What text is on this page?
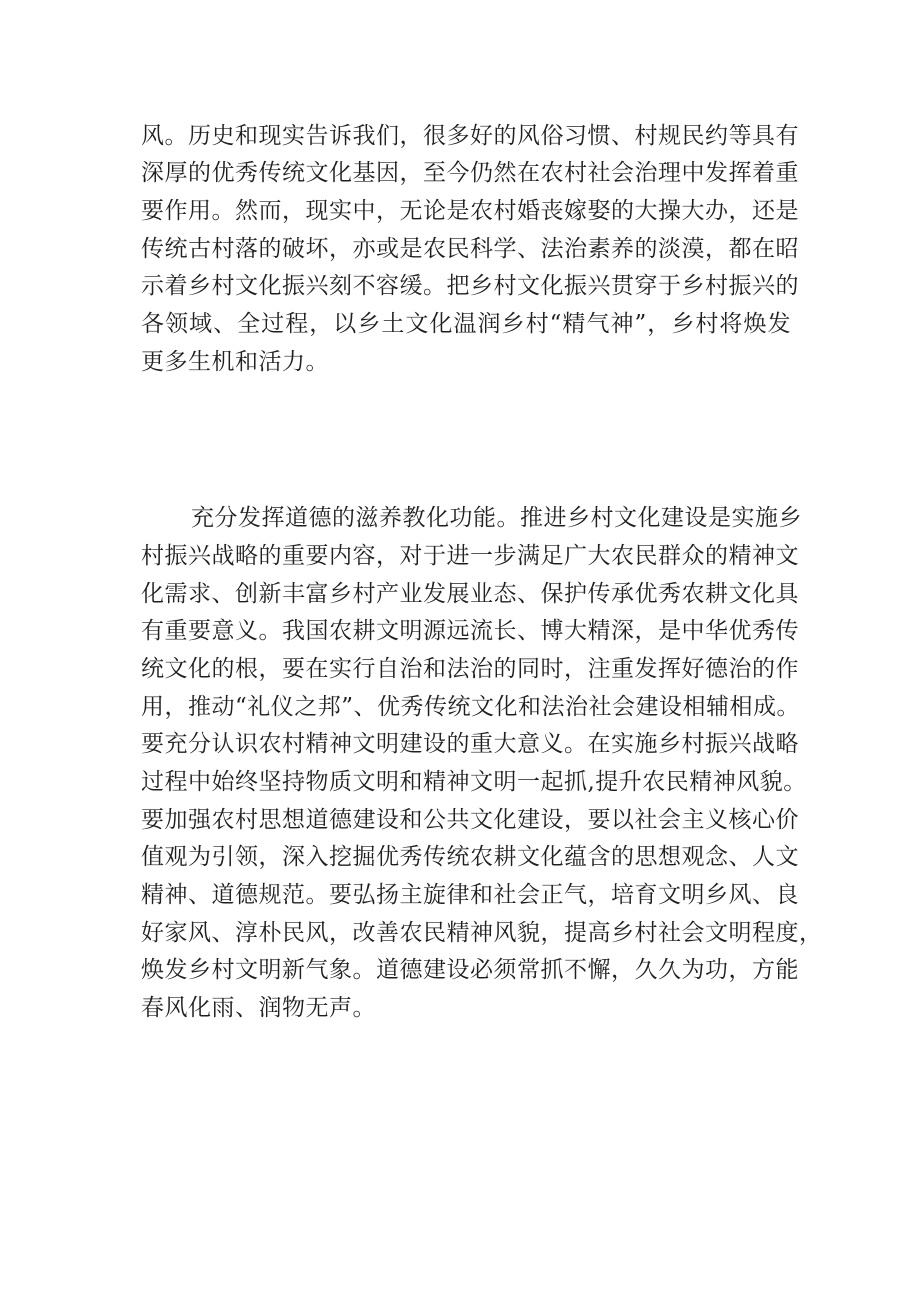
风。历史和现实告诉我们，很多好的风俗习惯、村规民约等具有
深厚的优秀传统文化基因，至今仍然在农村社会治理中发挥着重
要作用。然而，现实中，无论是农村婚丧嫁娶的大操大办，还是
传统古村落的破坏，亦或是农民科学、法治素养的淡漠，都在昭
示着乡村文化振兴刻不容缓。把乡村文化振兴贯穿于乡村振兴的
各领域、全过程，以乡土文化温润乡村“精气神”，乡村将焕发
更多生机和活力。
充分发挥道德的滋养教化功能。推进乡村文化建设是实施乡
村振兴战略的重要内容，对于进一步满足广大农民群众的精神文
化需求、创新丰富乡村产业发展业态、保护传承优秀农耕文化具
有重要意义。我国农耕文明源远流长、博大精深，是中华优秀传
统文化的根，要在实行自治和法治的同时，注重发挥好德治的作
用，推动“礼仪之邦”、优秀传统文化和法治社会建设相辅相成。
要充分认识农村精神文明建设的重大意义。在实施乡村振兴战略
过程中始终坚持物质文明和精神文明一起抓,提升农民精神风貌。
要加强农村思想道德建设和公共文化建设，要以社会主义核心价
值观为引领，深入挖掘优秀传统农耕文化蕴含的思想观念、人文
精神、道德规范。要弘扬主旋律和社会正气，培育文明乡风、良
好家风、淳朴民风，改善农民精神风貌，提高乡村社会文明程度，
焕发乡村文明新气象。道德建设必须常抓不懈，久久为功，方能
春风化雨、润物无声。
